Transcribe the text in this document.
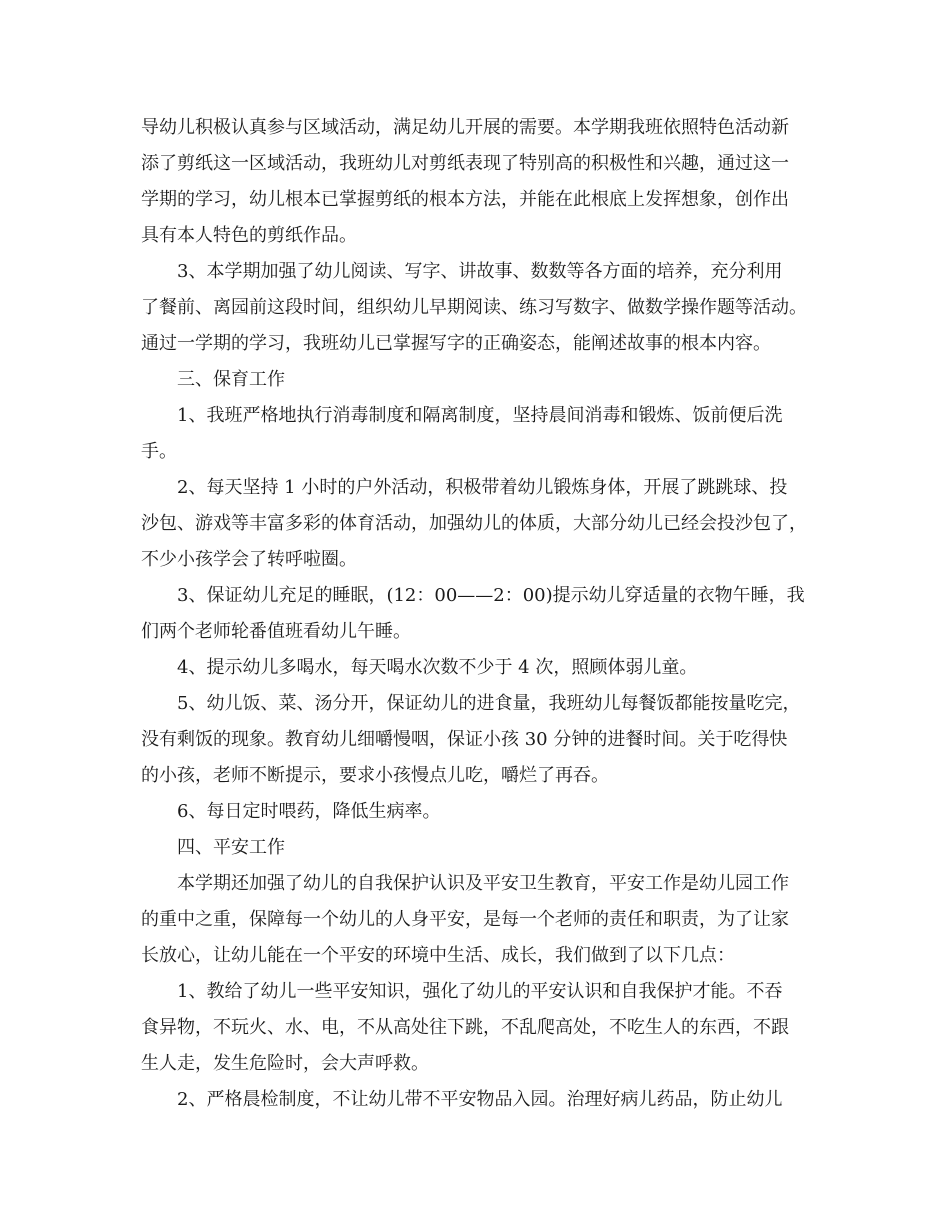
导幼儿积极认真参与区域活动，满足幼儿开展的需要。本学期我班依照特色活动新

添了剪纸这一区域活动，我班幼儿对剪纸表现了特别高的积极性和兴趣，通过这一

学期的学习，幼儿根本已掌握剪纸的根本方法，并能在此根底上发挥想象，创作出

具有本人特色的剪纸作品。

3、本学期加强了幼儿阅读、写字、讲故事、数数等各方面的培养，充分利用

了餐前、离园前这段时间，组织幼儿早期阅读、练习写数字、做数学操作题等活动。

通过一学期的学习，我班幼儿已掌握写字的正确姿态，能阐述故事的根本内容。

三、保育工作

1、我班严格地执行消毒制度和隔离制度，坚持晨间消毒和锻炼、饭前便后洗

手。

2、每天坚持 1 小时的户外活动，积极带着幼儿锻炼身体，开展了跳跳球、投

沙包、游戏等丰富多彩的体育活动，加强幼儿的体质，大部分幼儿已经会投沙包了，

不少小孩学会了转呼啦圈。

3、保证幼儿充足的睡眠，(12：00——2：00)提示幼儿穿适量的衣物午睡，我

们两个老师轮番值班看幼儿午睡。

4、提示幼儿多喝水，每天喝水次数不少于 4 次，照顾体弱儿童。

5、幼儿饭、菜、汤分开，保证幼儿的进食量，我班幼儿每餐饭都能按量吃完，

没有剩饭的现象。教育幼儿细嚼慢咽，保证小孩 30 分钟的进餐时间。关于吃得快

的小孩，老师不断提示，要求小孩慢点儿吃，嚼烂了再吞。

6、每日定时喂药，降低生病率。

四、平安工作

本学期还加强了幼儿的自我保护认识及平安卫生教育，平安工作是幼儿园工作

的重中之重，保障每一个幼儿的人身平安，是每一个老师的责任和职责，为了让家

长放心，让幼儿能在一个平安的环境中生活、成长，我们做到了以下几点：

1、教给了幼儿一些平安知识，强化了幼儿的平安认识和自我保护才能。不吞

食异物，不玩火、水、电，不从高处往下跳，不乱爬高处，不吃生人的东西，不跟

生人走，发生危险时，会大声呼救。

2、严格晨检制度，不让幼儿带不平安物品入园。治理好病儿药品，防止幼儿
